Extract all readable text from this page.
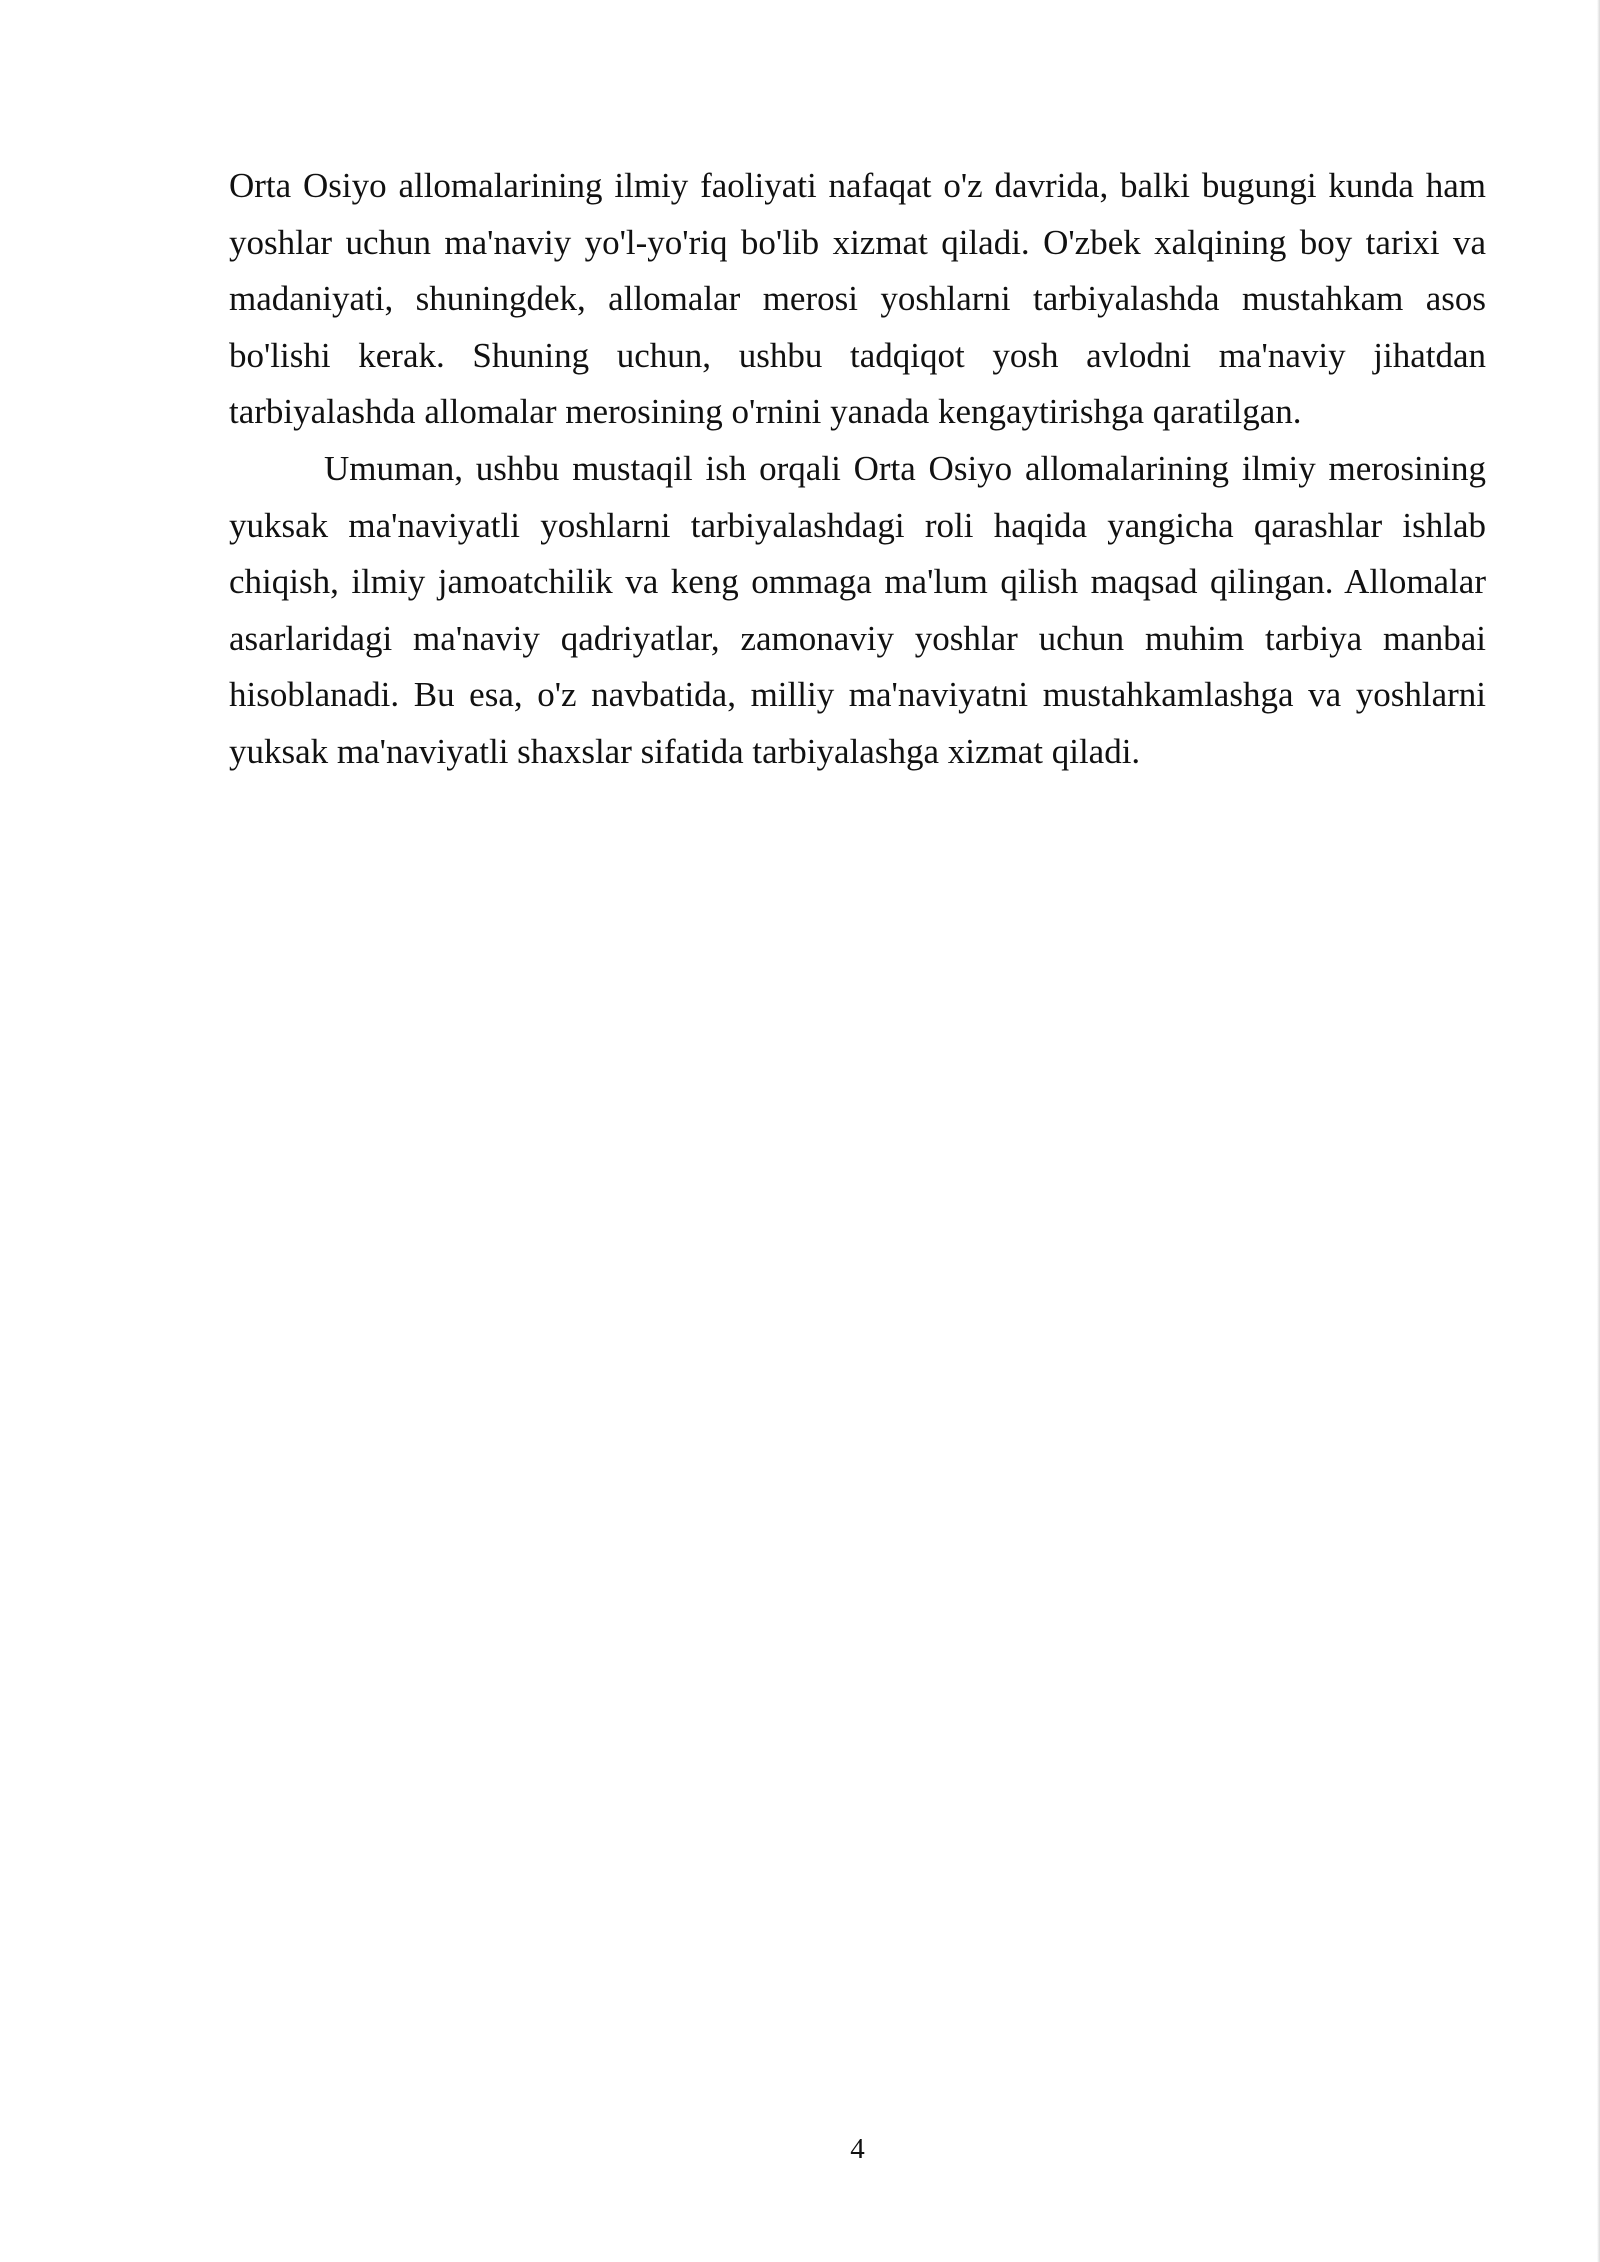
Orta Osiyo allomalarining ilmiy faoliyati nafaqat o'z davrida, balki bugungi kunda ham yoshlar uchun ma'naviy yo'l-yo'riq bo'lib xizmat qiladi. O'zbek xalqining boy tarixi va madaniyati, shuningdek, allomalar merosi yoshlarni tarbiyalashda mustahkam asos bo'lishi kerak. Shuning uchun, ushbu tadqiqot yosh avlodni ma'naviy jihatdan tarbiyalashda allomalar merosining o'rnini yanada kengaytirishga qaratilgan.

Umuman, ushbu mustaqil ish orqali Orta Osiyo allomalarining ilmiy merosining yuksak ma'naviyatli yoshlarni tarbiyalashdagi roli haqida yangicha qarashlar ishlab chiqish, ilmiy jamoatchilik va keng ommaga ma'lum qilish maqsad qilingan. Allomalar asarlaridagi ma'naviy qadriyatlar, zamonaviy yoshlar uchun muhim tarbiya manbai hisoblanadi. Bu esa, o'z navbatida, milliy ma'naviyatni mustahkamlashga va yoshlarni yuksak ma'naviyatli shaxslar sifatida tarbiyalashga xizmat qiladi.

4
